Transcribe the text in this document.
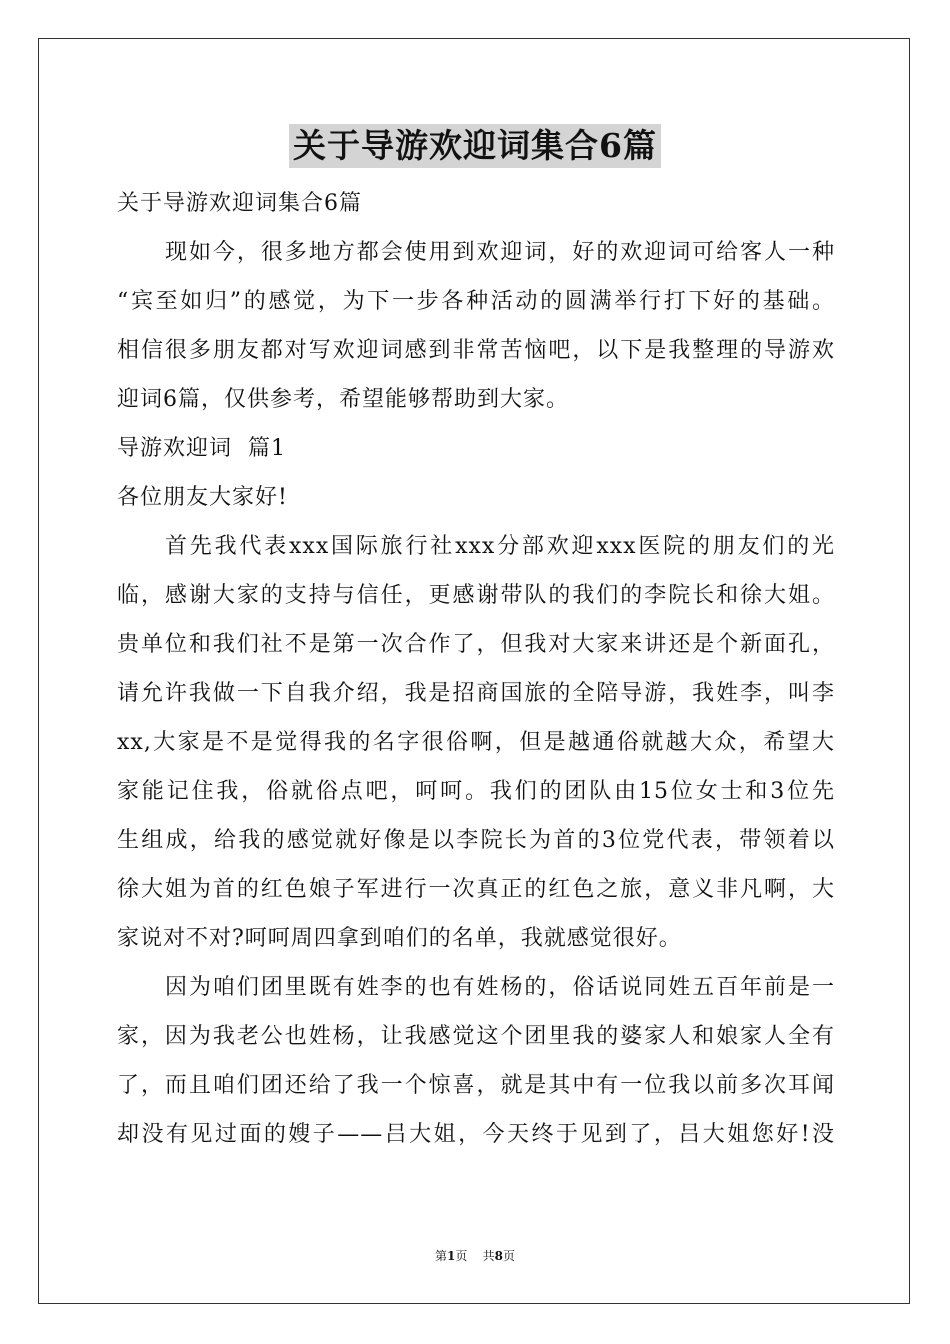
关于导游欢迎词集合6篇
关于导游欢迎词集合6篇
现如今，很多地方都会使用到欢迎词，好的欢迎词可给客人一种
“宾至如归”的感觉，为下一步各种活动的圆满举行打下好的基础。
相信很多朋友都对写欢迎词感到非常苦恼吧，以下是我整理的导游欢
迎词6篇，仅供参考，希望能够帮助到大家。
导游欢迎词  篇1
各位朋友大家好!
首先我代表xxx国际旅行社xxx分部欢迎xxx医院的朋友们的光
临，感谢大家的支持与信任，更感谢带队的我们的李院长和徐大姐。
贵单位和我们社不是第一次合作了，但我对大家来讲还是个新面孔，
请允许我做一下自我介绍，我是招商国旅的全陪导游，我姓李，叫李
xx,大家是不是觉得我的名字很俗啊，但是越通俗就越大众，希望大
家能记住我，俗就俗点吧，呵呵。我们的团队由15位女士和3位先
生组成，给我的感觉就好像是以李院长为首的3位党代表，带领着以
徐大姐为首的红色娘子军进行一次真正的红色之旅，意义非凡啊，大
家说对不对?呵呵周四拿到咱们的名单，我就感觉很好。
因为咱们团里既有姓李的也有姓杨的，俗话说同姓五百年前是一
家，因为我老公也姓杨，让我感觉这个团里我的婆家人和娘家人全有
了，而且咱们团还给了我一个惊喜，就是其中有一位我以前多次耳闻
却没有见过面的嫂子——吕大姐，今天终于见到了，吕大姐您好!没
第1页 共8页
